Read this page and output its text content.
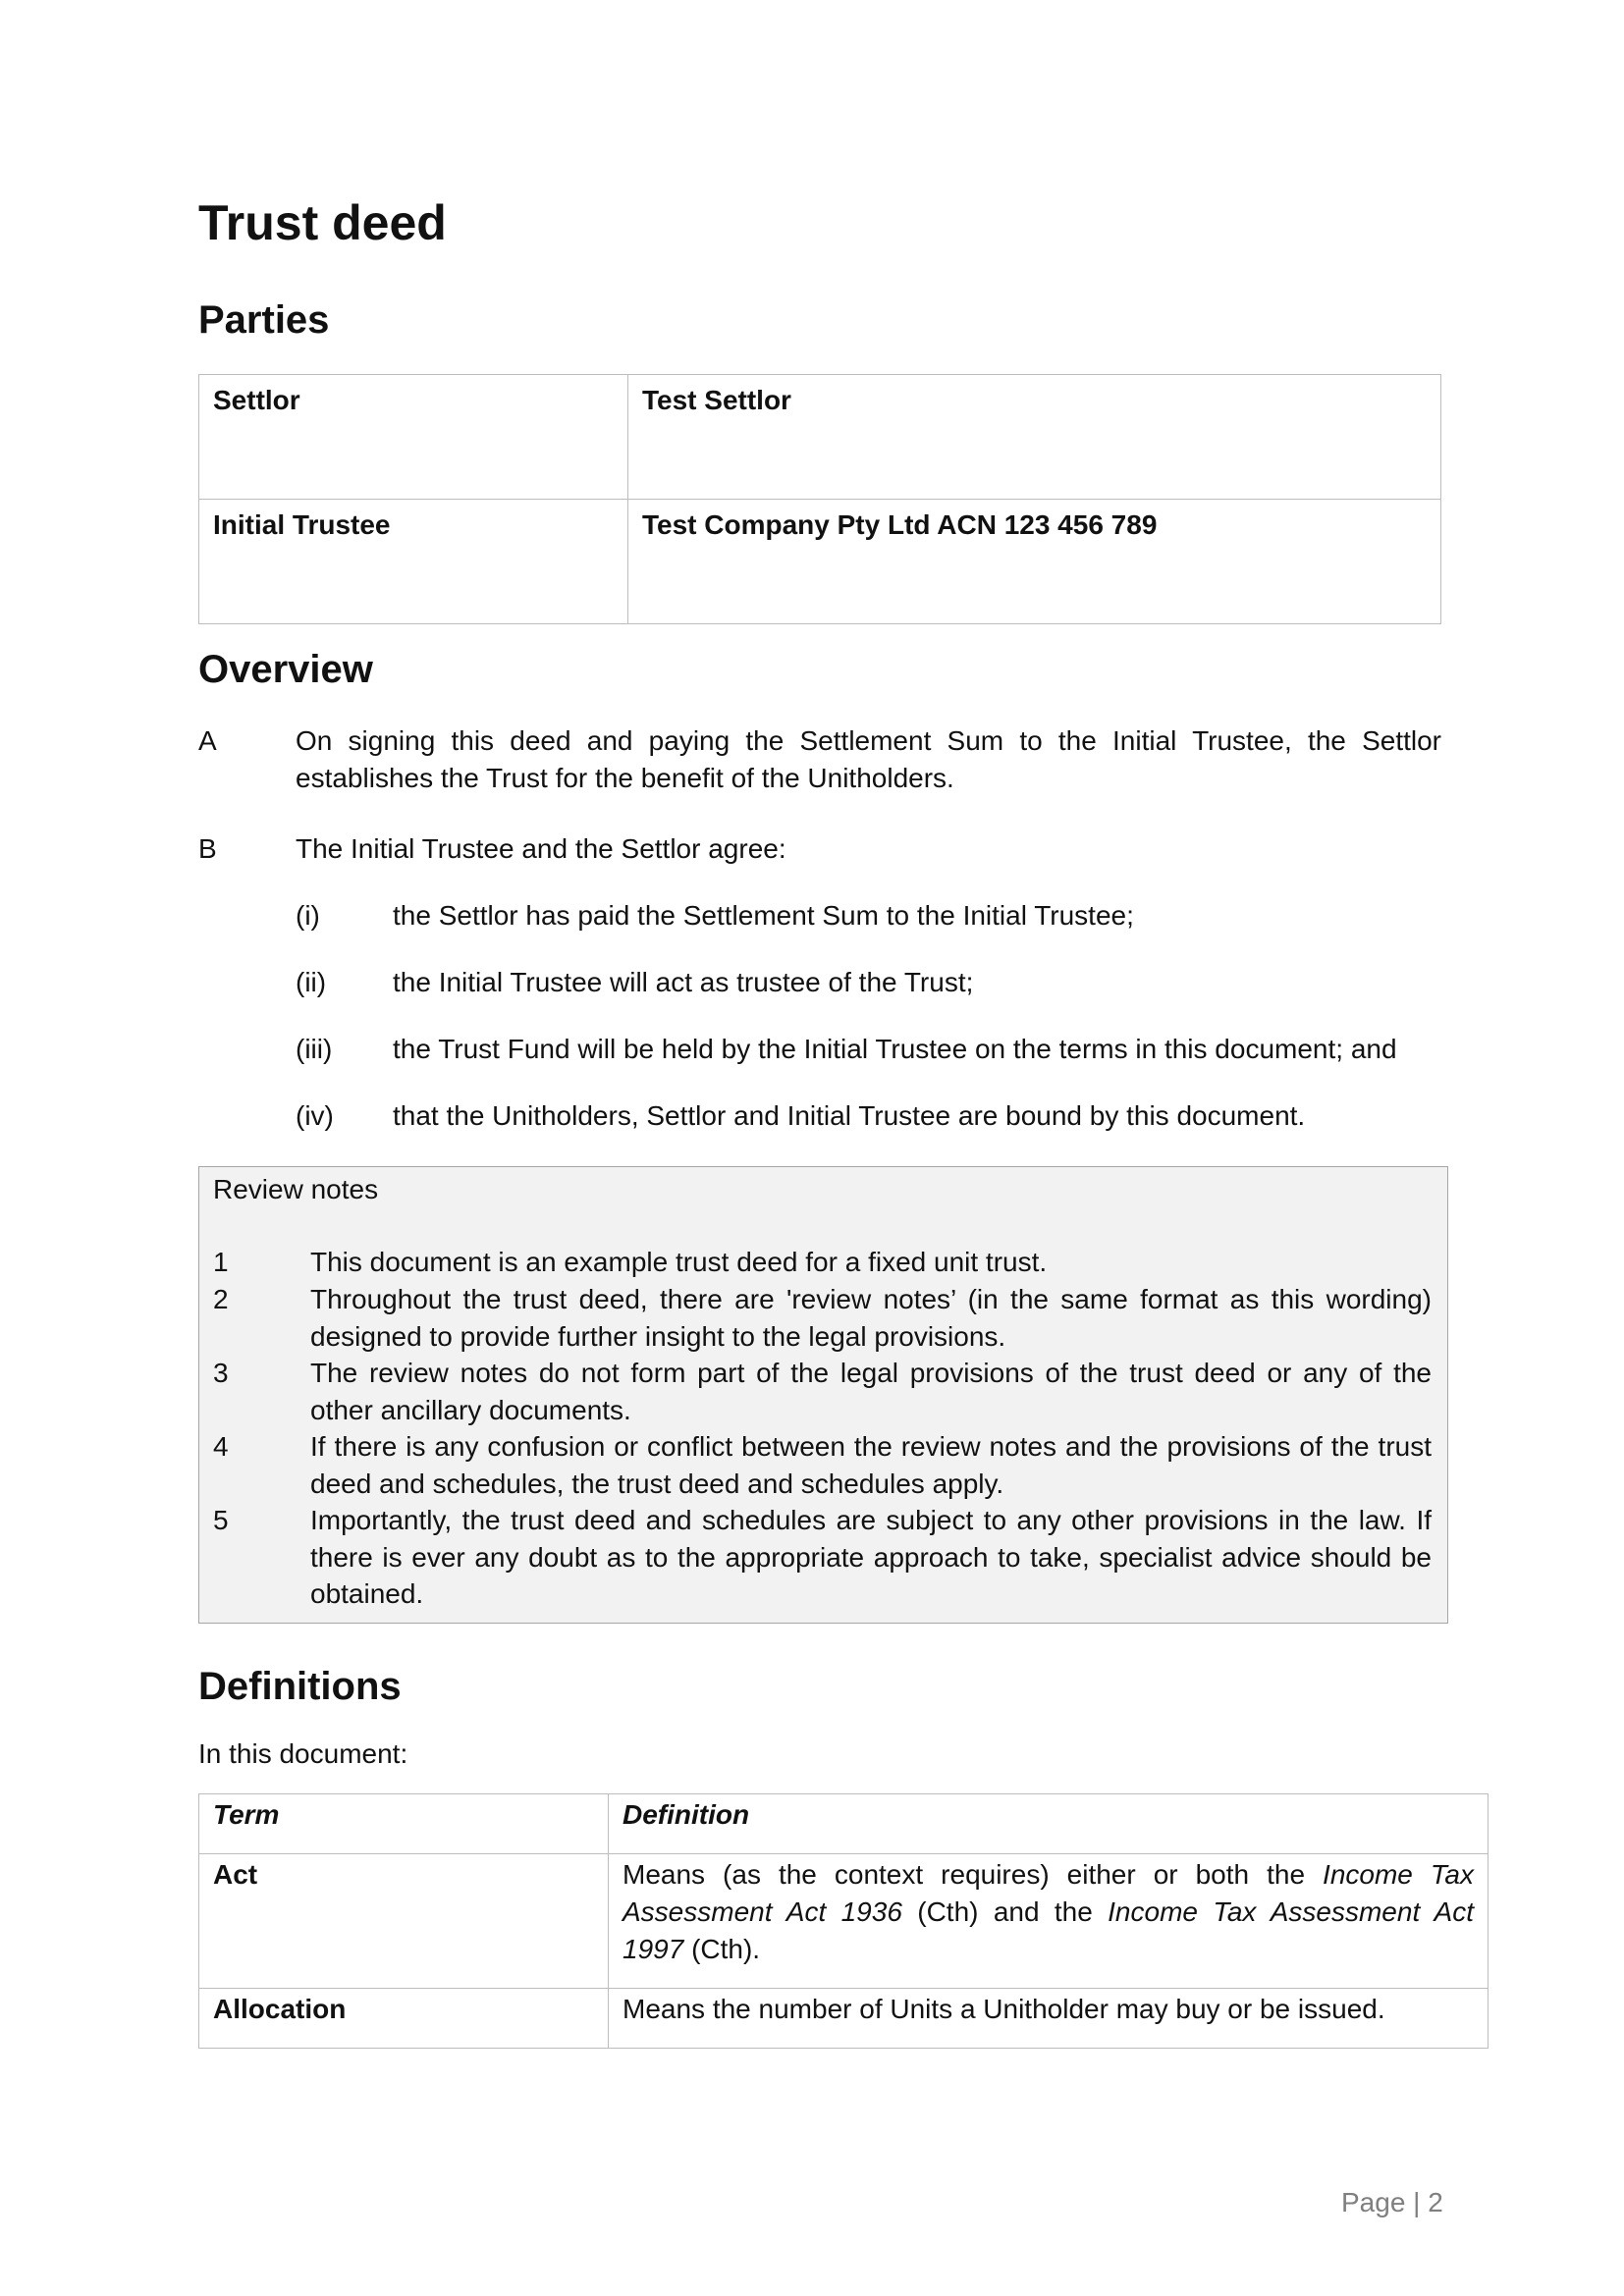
Trust deed
Parties
Settlor	Test Settlor
Initial Trustee	Test Company Pty Ltd ACN 123 456 789
Overview
A	On signing this deed and paying the Settlement Sum to the Initial Trustee, the Settlor establishes the Trust for the benefit of the Unitholders.
B	The Initial Trustee and the Settlor agree:
(i)	the Settlor has paid the Settlement Sum to the Initial Trustee;
(ii) the Initial Trustee will act as trustee of the Trust;
(iii) the Trust Fund will be held by the Initial Trustee on the terms in this document; and
(iv) that the Unitholders, Settlor and Initial Trustee are bound by this document.
Review notes
1	This document is an example trust deed for a fixed unit trust.
2	Throughout the trust deed, there are 'review notes’ (in the same format as this wording) designed to provide further insight to the legal provisions.
3	The review notes do not form part of the legal provisions of the trust deed or any of the other ancillary documents.
4	If there is any confusion or conflict between the review notes and the provisions of the trust deed and schedules, the trust deed and schedules apply.
5	Importantly, the trust deed and schedules are subject to any other provisions in the law. If there is ever any doubt as to the appropriate approach to take, specialist advice should be obtained.
Definitions
In this document:
Term	Definition
Act	Means (as the context requires) either or both the Income Tax Assessment Act 1936 (Cth) and the Income Tax Assessment Act 1997 (Cth).
Allocation	Means the number of Units a Unitholder may buy or be issued.
Page | 2
